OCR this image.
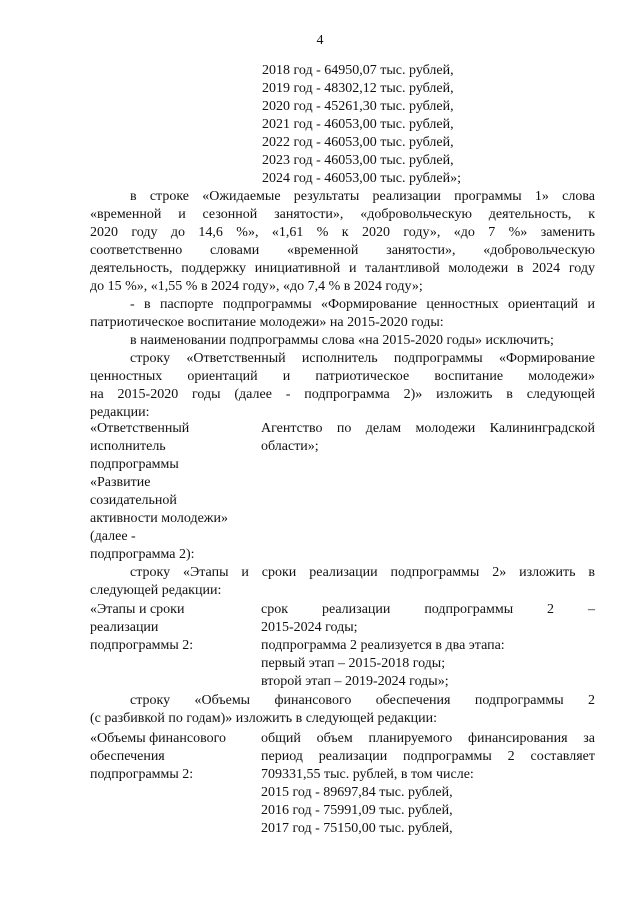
4
2018 год - 64950,07 тыс. рублей,
2019 год - 48302,12 тыс. рублей,
2020 год - 45261,30 тыс. рублей,
2021 год - 46053,00 тыс. рублей,
2022 год - 46053,00 тыс. рублей,
2023 год - 46053,00 тыс. рублей,
2024 год - 46053,00 тыс. рублей»;
в строке «Ожидаемые результаты реализации программы 1» слова
«временной и сезонной занятости», «добровольческую деятельность, к
2020 году до 14,6 %», «1,61 % к 2020 году», «до 7 %» заменить
соответственно словами «временной занятости», «добровольческую
деятельность, поддержку инициативной и талантливой молодежи в 2024 году
до 15 %», «1,55 % в 2024 году», «до 7,4 % в 2024 году»;
- в паспорте подпрограммы «Формирование ценностных ориентаций и
патриотическое воспитание молодежи» на 2015-2020 годы:
в наименовании подпрограммы слова «на 2015-2020 годы» исключить;
строку «Ответственный исполнитель подпрограммы «Формирование
ценностных ориентаций и патриотическое воспитание молодежи»
на 2015-2020 годы (далее - подпрограмма 2)» изложить в следующей
редакции:
«Ответственный
исполнитель
подпрограммы
«Развитие
созидательной
активности молодежи»
(далее -
подпрограмма 2):
Агентство по делам молодежи Калининградской
области»;
строку «Этапы и сроки реализации подпрограммы 2» изложить в
следующей редакции:
«Этапы и сроки
реализации
подпрограммы 2:
срок реализации подпрограммы 2 –
2015-2024 годы;
подпрограмма 2 реализуется в два этапа:
первый этап – 2015-2018 годы;
второй этап – 2019-2024 годы»;
строку «Объемы финансового обеспечения подпрограммы 2
(с разбивкой по годам)» изложить в следующей редакции:
«Объемы финансового
обеспечения
подпрограммы 2:
общий объем планируемого финансирования за
период реализации подпрограммы 2 составляет
709331,55 тыс. рублей, в том числе:
2015 год - 89697,84 тыс. рублей,
2016 год - 75991,09 тыс. рублей,
2017 год - 75150,00 тыс. рублей,
